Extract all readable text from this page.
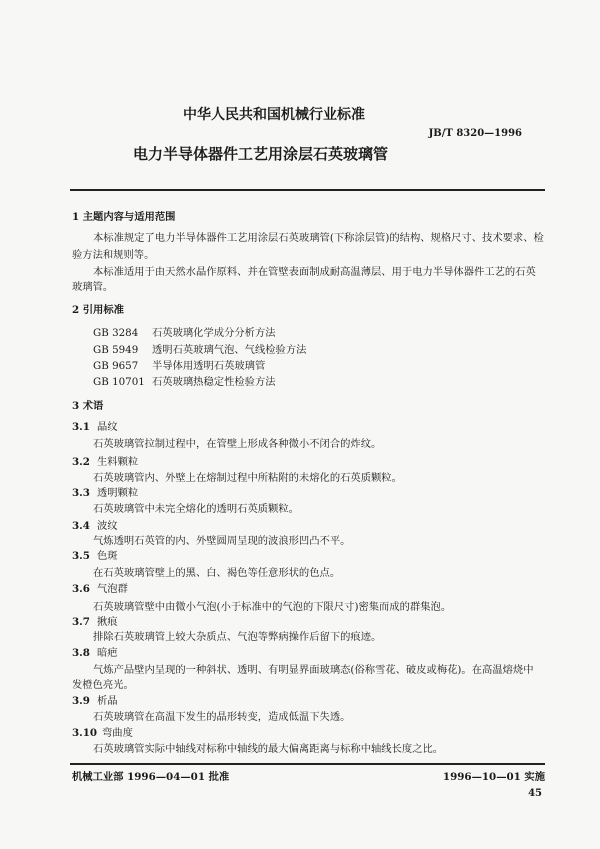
中华人民共和国机械行业标准
JB/T 8320—1996
电力半导体器件工艺用涂层石英玻璃管
1 主题内容与适用范围
本标准规定了电力半导体器件工艺用涂层石英玻璃管(下称涂层管)的结构、规格尺寸、技术要求、检
验方法和规则等。
本标准适用于由天然水晶作原料、并在管壁表面制成耐高温薄层、用于电力半导体器件工艺的石英
玻璃管。
2 引用标准
GB 3284 石英玻璃化学成分分析方法
GB 5949 透明石英玻璃气泡、气线检验方法
GB 9657 半导体用透明石英玻璃管
GB 10701 石英玻璃热稳定性检验方法
3 术语
3.1 晶纹
石英玻璃管拉制过程中，在管壁上形成各种微小不闭合的炸纹。
3.2 生料颗粒
石英玻璃管内、外壁上在熔制过程中所粘附的未熔化的石英质颗粒。
3.3 透明颗粒
石英玻璃管中未完全熔化的透明石英质颗粒。
3.4 波纹
气炼透明石英管的内、外壁圆周呈现的波浪形凹凸不平。
3.5 色斑
在石英玻璃管壁上的黑、白、褐色等任意形状的色点。
3.6 气泡群
石英玻璃管壁中由微小气泡(小于标准中的气泡的下限尺寸)密集而成的群集泡。
3.7 揪痕
排除石英玻璃管上较大杂质点、气泡等弊病操作后留下的痕迹。
3.8 暗疤
气炼产品壁内呈现的一种斜状、透明、有明显界面玻璃态(俗称雪花、破皮或梅花)。在高温熔烧中
发橙色亮光。
3.9 析晶
石英玻璃管在高温下发生的晶形转变，造成低温下失透。
3.10 弯曲度
石英玻璃管实际中轴线对标称中轴线的最大偏离距离与标称中轴线长度之比。
机械工业部 1996—04—01 批准	1996—10—01 实施
45
